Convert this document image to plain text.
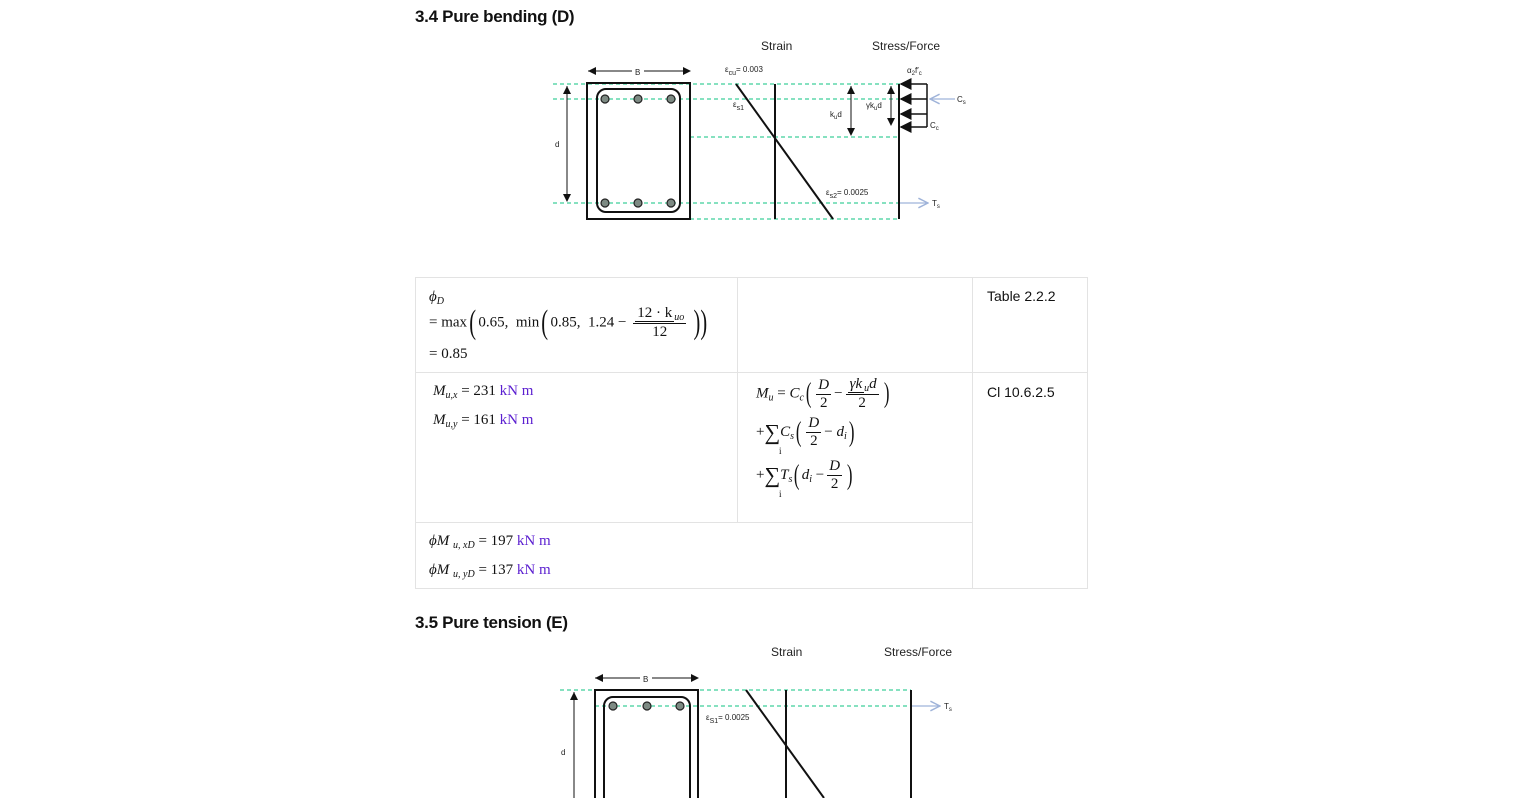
3.4 Pure bending (D)
Strain	Stress/Force
B
d
εcu= 0.003
εs1
$k_ud$
εs2= 0.0025
$\gamma k_ud$
$\alpha_2f'_c$
$C_s$
$C_c$
$T_s$
Strain	Stress/Force
B
d
εS1= 0.0025
$T_s$
$\phi_D$
= max( 0.65, min( 0.85, $1.24 - \frac{12 \cdot k _{uo}}{12}$ ))
= 0.85
Table 2.2.2
$M_{u,x} = 231$ kN m
$M_{u,y} = 161$ kN m
$M_u = C_c( \frac{D}{2} - \frac{\gamma k _ud}{2}$ )
$+\sum C_s( \frac{D}{2} - d_i)$
i
$+\sum T_s$( $d_i - \frac{D}{2}$ )
i
Cl 10.6.2.5
ϕM $_{u, xD}$ = 197 kN m
ϕM $_{u, yD}$ = 137 kN m
3.5 Pure tension (E)
